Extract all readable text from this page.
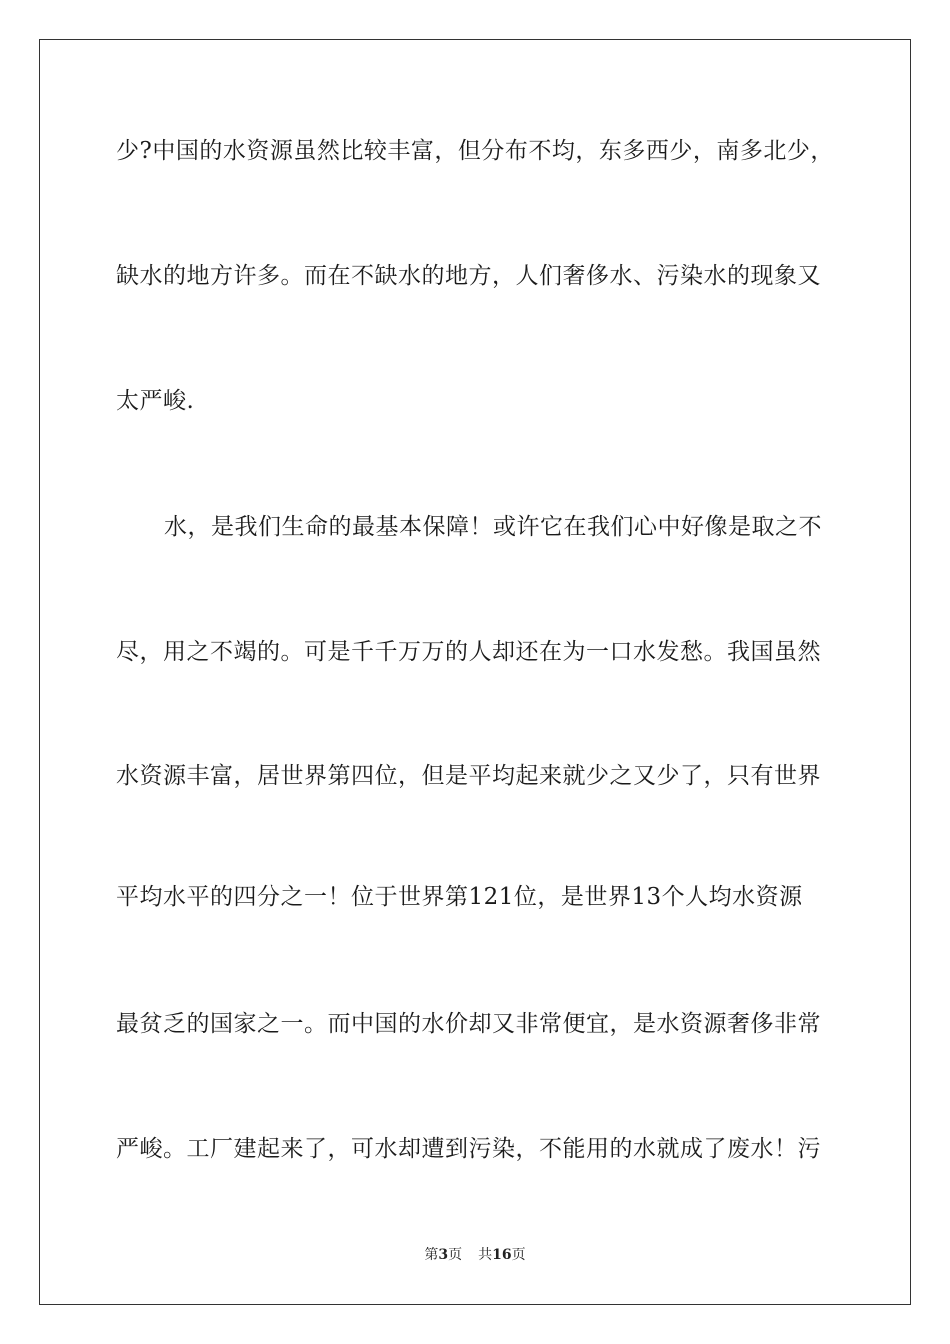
少?中国的水资源虽然比较丰富，但分布不均，东多西少，南多北少，
缺水的地方许多。而在不缺水的地方，人们奢侈水、污染水的现象又
太严峻.
水，是我们生命的最基本保障！或许它在我们心中好像是取之不
尽，用之不竭的。可是千千万万的人却还在为一口水发愁。我国虽然
水资源丰富，居世界第四位，但是平均起来就少之又少了，只有世界
平均水平的四分之一！位于世界第121位，是世界13个人均水资源
最贫乏的国家之一。而中国的水价却又非常便宜，是水资源奢侈非常
严峻。工厂建起来了，可水却遭到污染，不能用的水就成了废水！污
第3页 共16页
